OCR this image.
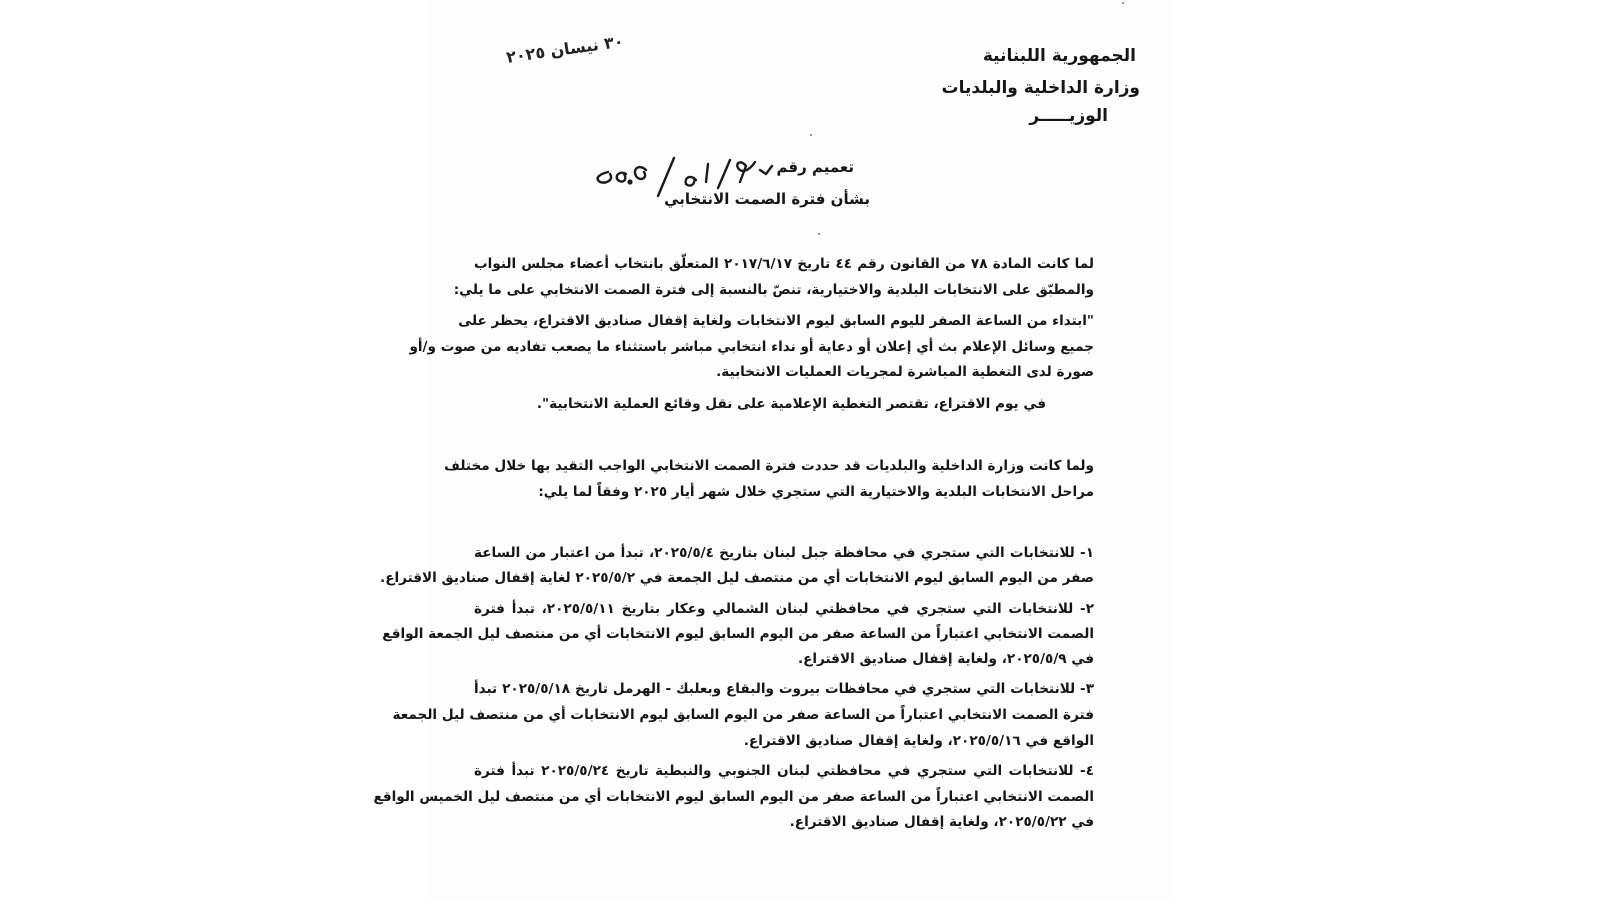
الجمهورية اللبنانية
وزارة الداخلية والبلديات
الوزيـــــر
٣٠ نيسان ٢٠٢٥
تعميم رقم
بشأن فترة الصمت الانتخابي
لما كانت المادة ٧٨ من القانون رقم ٤٤ تاريخ ٢٠١٧/٦/١٧ المتعلّق بانتخاب أعضاء مجلس النواب
والمطبّق على الانتخابات البلدية والاختيارية، تنصّ بالنسبة إلى فترة الصمت الانتخابي على ما يلي:
"ابتداء من الساعة الصفر لليوم السابق ليوم الانتخابات ولغاية إقفال صناديق الاقتراع، يحظر على
جميع وسائل الإعلام بث أي إعلان أو دعاية أو نداء انتخابي مباشر باستثناء ما يصعب تفاديه من صوت و/أو
صورة لدى التغطية المباشرة لمجريات العمليات الانتخابية.
في يوم الاقتراع، تقتصر التغطية الإعلامية على نقل وقائع العملية الانتخابية".
ولما كانت وزارة الداخلية والبلديات قد حددت فترة الصمت الانتخابي الواجب التقيد بها خلال مختلف
مراحل الانتخابات البلدية والاختيارية التي ستجري خلال شهر أيار ٢٠٢٥ وفقاً لما يلي:
١- للانتخابات التي ستجري في محافظة جبل لبنان بتاريخ ٢٠٢٥/٥/٤، تبدأ من اعتبار من الساعة
صفر من اليوم السابق ليوم الانتخابات أي من منتصف ليل الجمعة في ٢٠٢٥/٥/٢ لغاية إقفال صناديق الاقتراع.
٢- للانتخابات التي ستجري في محافظتي لبنان الشمالي وعكار بتاريخ ٢٠٢٥/٥/١١، تبدأ فترة
الصمت الانتخابي اعتباراً من الساعة صفر من اليوم السابق ليوم الانتخابات أي من منتصف ليل الجمعة الواقع
في ٢٠٢٥/٥/٩، ولغاية إقفال صناديق الاقتراع.
٣- للانتخابات التي ستجري في محافظات بيروت والبقاع وبعلبك - الهرمل تاريخ ٢٠٢٥/٥/١٨ تبدأ
فترة الصمت الانتخابي اعتباراً من الساعة صفر من اليوم السابق ليوم الانتخابات أي من منتصف ليل الجمعة
الواقع في ٢٠٢٥/٥/١٦، ولغاية إقفال صناديق الاقتراع.
٤- للانتخابات التي ستجري في محافظتي لبنان الجنوبي والنبطية تاريخ ٢٠٢٥/٥/٢٤ تبدأ فترة
الصمت الانتخابي اعتباراً من الساعة صفر من اليوم السابق ليوم الانتخابات أي من منتصف ليل الخميس الواقع
في ٢٠٢٥/٥/٢٢، ولغاية إقفال صناديق الاقتراع.
